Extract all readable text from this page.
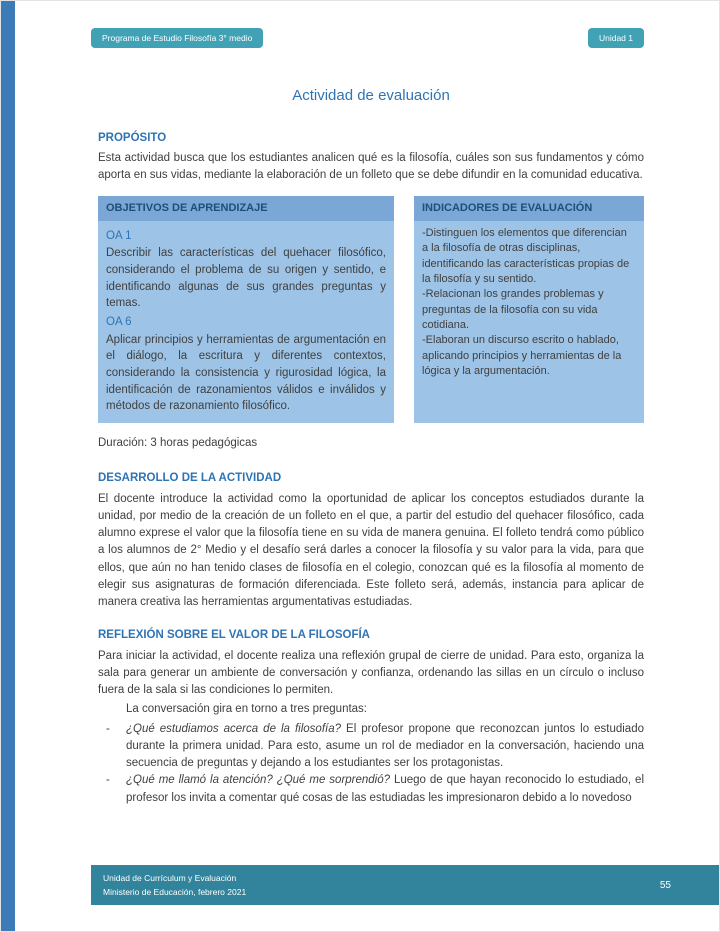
Programa de Estudio Filosofía 3° medio	Unidad 1
Actividad de evaluación
PROPÓSITO

Esta actividad busca que los estudiantes analicen qué es la filosofía, cuáles son sus fundamentos y cómo aporta en sus vidas, mediante la elaboración de un folleto que se debe difundir en la comunidad educativa.

OBJETIVOS DE APRENDIZAJE

OA 1

Describir las características del quehacer filosófico, considerando el problema de su origen y sentido, e identificando algunas de sus grandes preguntas y temas.

OA 6

Aplicar principios y herramientas de argumentación en el diálogo, la escritura y diferentes contextos, considerando la consistencia y rigurosidad lógica, la identificación de razonamientos válidos e inválidos y métodos de razonamiento filosófico.

INDICADORES DE EVALUACIÓN

-Distinguen los elementos que diferencian a la filosofía de otras disciplinas, identificando las características propias de la filosofía y su sentido.

-Relacionan los grandes problemas y preguntas de la filosofía con su vida cotidiana.

-Elaboran un discurso escrito o hablado, aplicando principios y herramientas de la lógica y la argumentación.

Duración: 3 horas pedagógicas

DESARROLLO DE LA ACTIVIDAD

El docente introduce la actividad como la oportunidad de aplicar los conceptos estudiados durante la unidad, por medio de la creación de un folleto en el que, a partir del estudio del quehacer filosófico, cada alumno exprese el valor que la filosofía tiene en su vida de manera genuina. El folleto tendrá como público a los alumnos de 2° Medio y el desafío será darles a conocer la filosofía y su valor para la vida, para que ellos, que aún no han tenido clases de filosofía en el colegio, conozcan qué es la filosofía al momento de elegir sus asignaturas de formación diferenciada. Este folleto será, además, instancia para aplicar de manera creativa las herramientas argumentativas estudiadas.

REFLEXIÓN SOBRE EL VALOR DE LA FILOSOFÍA

Para iniciar la actividad, el docente realiza una reflexión grupal de cierre de unidad. Para esto, organiza la sala para generar un ambiente de conversación y confianza, ordenando las sillas en un círculo o incluso fuera de la sala si las condiciones lo permiten.

La conversación gira en torno a tres preguntas:

-	¿Qué estudiamos acerca de la filosofía? El profesor propone que reconozcan juntos lo estudiado durante la primera unidad. Para esto, asume un rol de mediador en la conversación, haciendo una secuencia de preguntas y dejando a los estudiantes ser los protagonistas.
-	¿Qué me llamó la atención? ¿Qué me sorprendió? Luego de que hayan reconocido lo estudiado, el profesor los invita a comentar qué cosas de las estudiadas les impresionaron debido a lo novedoso
Unidad de Currículum y Evaluación
Ministerio de Educación, febrero 2021
55
